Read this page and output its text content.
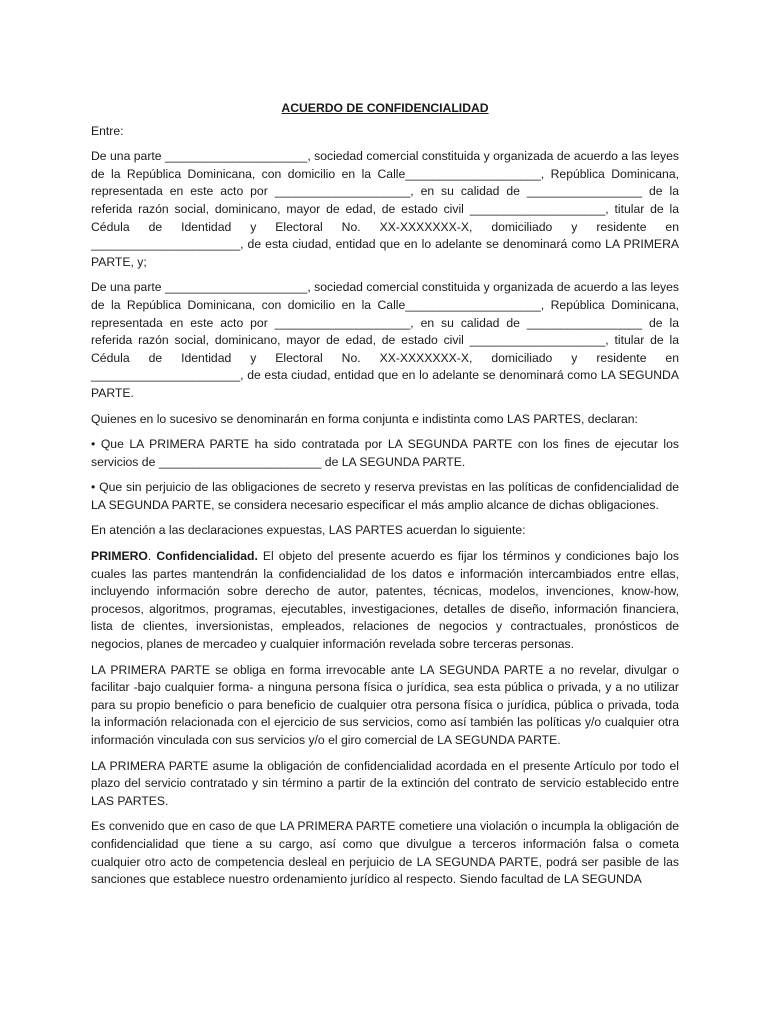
ACUERDO DE CONFIDENCIALIDAD

Entre:

De una parte _____________________, sociedad comercial constituida y organizada de acuerdo a las leyes de la República Dominicana, con domicilio en la Calle____________________, República Dominicana, representada en este acto por ____________________, en su calidad de _________________ de la referida razón social, dominicano, mayor de edad, de estado civil ____________________, titular de la Cédula de Identidad y Electoral No. XX-XXXXXXX-X, domiciliado y residente en ______________________, de esta ciudad, entidad que en lo adelante se denominará como LA PRIMERA PARTE, y;

De una parte _____________________, sociedad comercial constituida y organizada de acuerdo a las leyes de la República Dominicana, con domicilio en la Calle____________________, República Dominicana, representada en este acto por ____________________, en su calidad de _________________ de la referida razón social, dominicano, mayor de edad, de estado civil ____________________, titular de la Cédula de Identidad y Electoral No. XX-XXXXXXX-X, domiciliado y residente en ______________________, de esta ciudad, entidad que en lo adelante se denominará como LA SEGUNDA PARTE.

Quienes en lo sucesivo se denominarán en forma conjunta e indistinta como LAS PARTES, declaran:

• Que LA PRIMERA PARTE ha sido contratada por LA SEGUNDA PARTE con los fines de ejecutar los servicios de ________________________ de LA SEGUNDA PARTE.

• Que sin perjuicio de las obligaciones de secreto y reserva previstas en las políticas de confidencialidad de LA SEGUNDA PARTE, se considera necesario especificar el más amplio alcance de dichas obligaciones.

En atención a las declaraciones expuestas, LAS PARTES acuerdan lo siguiente:

PRIMERO. Confidencialidad. El objeto del presente acuerdo es fijar los términos y condiciones bajo los cuales las partes mantendrán la confidencialidad de los datos e información intercambiados entre ellas, incluyendo información sobre derecho de autor, patentes, técnicas, modelos, invenciones, know-how, procesos, algoritmos, programas, ejecutables, investigaciones, detalles de diseño, información financiera, lista de clientes, inversionistas, empleados, relaciones de negocios y contractuales, pronósticos de negocios, planes de mercadeo y cualquier información revelada sobre terceras personas.

LA PRIMERA PARTE se obliga en forma irrevocable ante LA SEGUNDA PARTE a no revelar, divulgar o facilitar -bajo cualquier forma- a ninguna persona física o jurídica, sea esta pública o privada, y a no utilizar para su propio beneficio o para beneficio de cualquier otra persona física o jurídica, pública o privada, toda la información relacionada con el ejercicio de sus servicios, como así también las políticas y/o cualquier otra información vinculada con sus servicios y/o el giro comercial de LA SEGUNDA PARTE.

LA PRIMERA PARTE asume la obligación de confidencialidad acordada en el presente Artículo por todo el plazo del servicio contratado y sin término a partir de la extinción del contrato de servicio establecido entre LAS PARTES.

Es convenido que en caso de que LA PRIMERA PARTE cometiere una violación o incumpla la obligación de confidencialidad que tiene a su cargo, así como que divulgue a terceros información falsa o cometa cualquier otro acto de competencia desleal en perjuicio de LA SEGUNDA PARTE, podrá ser pasible de las sanciones que establece nuestro ordenamiento jurídico al respecto. Siendo facultad de LA SEGUNDA
